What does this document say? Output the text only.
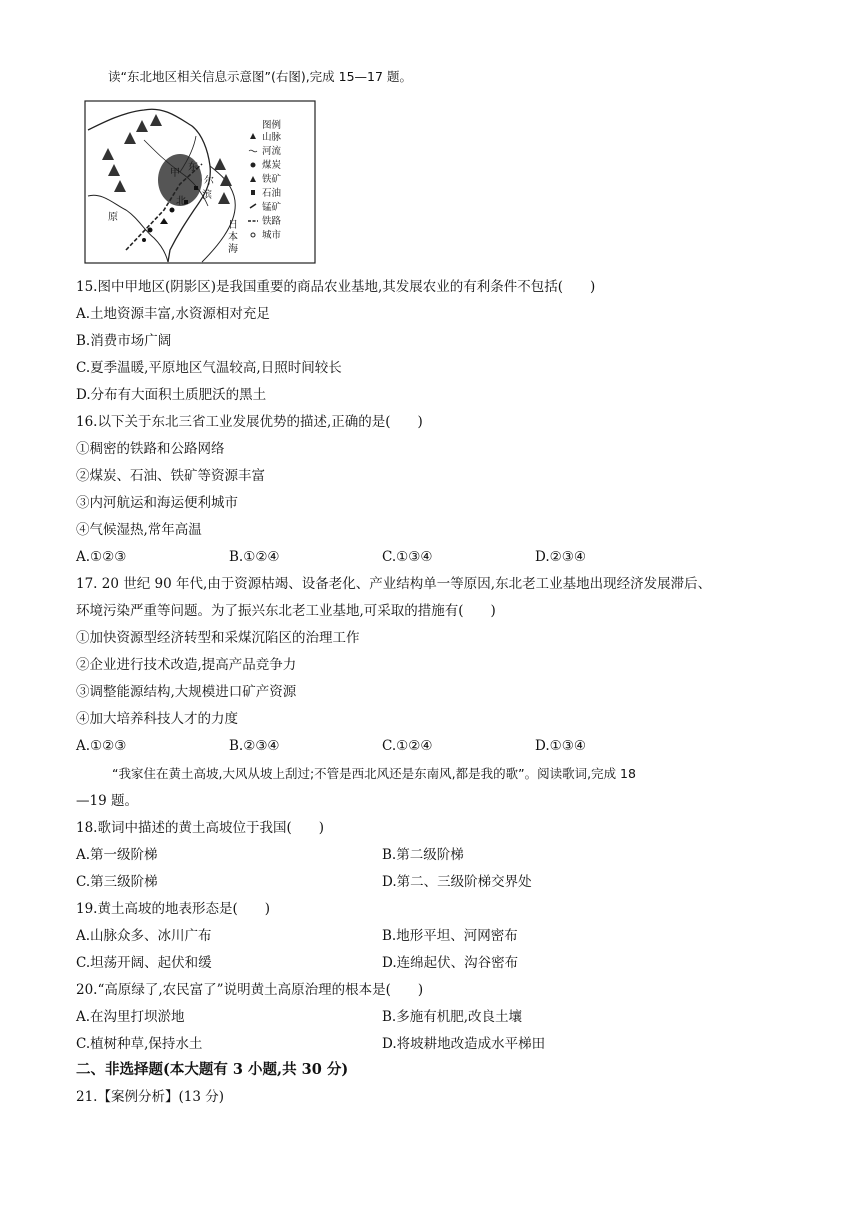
读“东北地区相关信息示意图”(右图),完成 15—17 题。
甲
东
北
尔
滨
原
日
本
海
图例
山脉
河流
煤炭
铁矿
石油
锰矿
铁路
城市
15.图中甲地区(阴影区)是我国重要的商品农业基地,其发展农业的有利条件不包括(　　)
A.土地资源丰富,水资源相对充足
B.消费市场广阔
C.夏季温暖,平原地区气温较高,日照时间较长
D.分布有大面积土质肥沃的黑土
16.以下关于东北三省工业发展优势的描述,正确的是(　　)
①稠密的铁路和公路网络
②煤炭、石油、铁矿等资源丰富
③内河航运和海运便利城市
④气候湿热,常年高温
A.①②③	B.①②④	C.①③④	D.②③④
17. 20 世纪 90 年代,由于资源枯竭、设备老化、产业结构单一等原因,东北老工业基地出现经济发展滞后、
环境污染严重等问题。为了振兴东北老工业基地,可采取的措施有(　　)
①加快资源型经济转型和采煤沉陷区的治理工作
②企业进行技术改造,提高产品竞争力
③调整能源结构,大规模进口矿产资源
④加大培养科技人才的力度
A.①②③	B.②③④	C.①②④	D.①③④
“我家住在黄土高坡,大风从坡上刮过;不管是西北风还是东南风,都是我的歌”。阅读歌词,完成 18
—19 题。
18.歌词中描述的黄土高坡位于我国(　　)
A.第一级阶梯	B.第二级阶梯
C.第三级阶梯	D.第二、三级阶梯交界处
19.黄土高坡的地表形态是(　　)
A.山脉众多、冰川广布	B.地形平坦、河网密布
C.坦荡开阔、起伏和缓	D.连绵起伏、沟谷密布
20.“高原绿了,农民富了”说明黄土高原治理的根本是(　　)
A.在沟里打坝淤地	B.多施有机肥,改良土壤
C.植树种草,保持水土	D.将坡耕地改造成水平梯田
二、非选择题(本大题有 3 小题,共 30 分)
21.【案例分析】(13 分)
